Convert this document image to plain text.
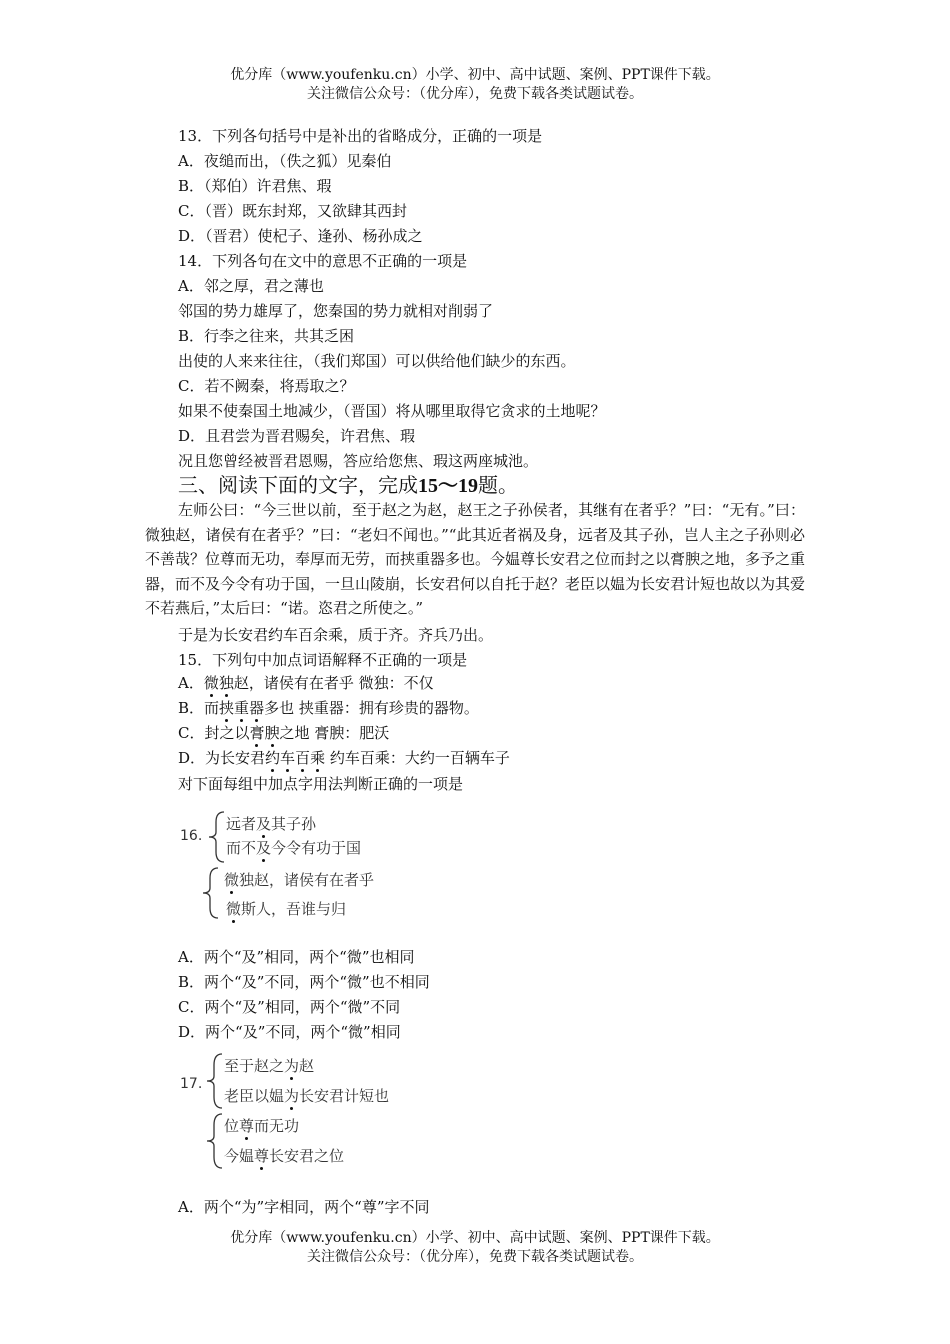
优分库（www.youfenku.cn）小学、初中、高中试题、案例、PPT课件下载。
关注微信公众号：（优分库），免费下载各类试题试卷。
13．下列各句括号中是补出的省略成分，正确的一项是
A．夜缒而出，（佚之狐）见秦伯
B．（郑伯）许君焦、瑕
C．（晋）既东封郑，又欲肆其西封
D．（晋君）使杞子、逢孙、杨孙成之
14．下列各句在文中的意思不正确的一项是
A．邻之厚，君之薄也
邻国的势力雄厚了，您秦国的势力就相对削弱了
B．行李之往来，共其乏困
出使的人来来往往，（我们郑国）可以供给他们缺少的东西。
C．若不阙秦，将焉取之？
如果不使秦国土地减少，（晋国）将从哪里取得它贪求的土地呢？
D．且君尝为晋君赐矣，许君焦、瑕
况且您曾经被晋君恩赐，答应给您焦、瑕这两座城池。
三、阅读下面的文字，完成15～19题。
左师公曰：“今三世以前，至于赵之为赵，赵王之子孙侯者，其继有在者乎？”曰：“无有。”曰：微独赵，诸侯有在者乎？”曰：“老妇不闻也。”“此其近者祸及身，远者及其子孙，岂人主之子孙则必不善哉？位尊而无功，奉厚而无劳，而挟重器多也。今媪尊长安君之位而封之以膏腴之地，多予之重器，而不及今令有功于国，一旦山陵崩，长安君何以自托于赵？老臣以媪为长安君计短也故以为其爱不若燕后，”太后曰：“诺。恣君之所使之。”
于是为长安君约车百余乘，质于齐。齐兵乃出。
15．下列句中加点词语解释不正确的一项是
A．微独赵，诸侯有在者乎 微独：不仅
B．而挟重器多也 挟重器：拥有珍贵的器物。
C．封之以膏腴之地 膏腴：肥沃
D．为长安君约车百乘 约车百乘：大约一百辆车子
对下面每组中加点字用法判断正确的一项是
16.
远者及其子孙
而不及今令有功于国
微独赵，诸侯有在者乎
微斯人，吾谁与归
A．两个“及”相同，两个“微”也相同
B．两个“及”不同，两个“微”也不相同
C．两个“及”相同，两个“微”不同
D．两个“及”不同，两个“微”相同
17.
至于赵之为赵
老臣以媪为长安君计短也
位尊而无功
今媪尊长安君之位
A．两个“为”字相同，两个“尊”字不同
优分库（www.youfenku.cn）小学、初中、高中试题、案例、PPT课件下载。
关注微信公众号：（优分库），免费下载各类试题试卷。
